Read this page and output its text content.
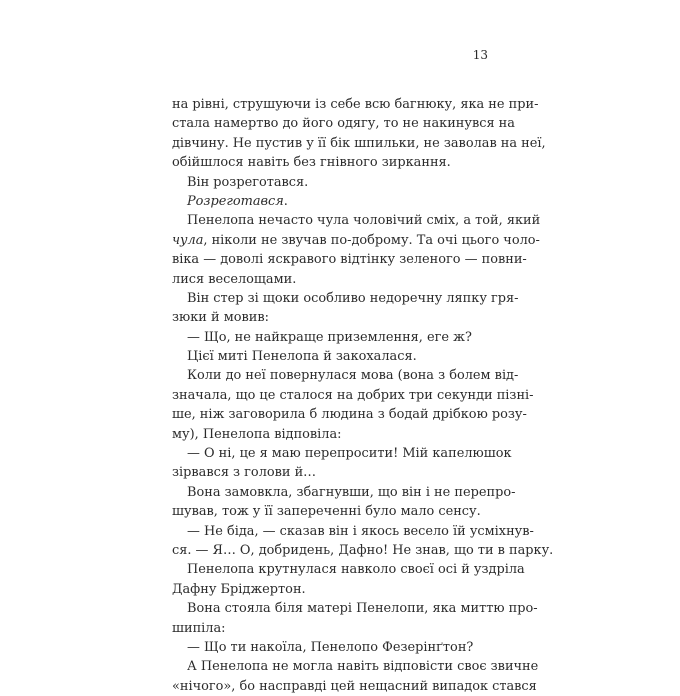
13
на рівні, струшуючи із себе всю багнюку, яка не при-
стала намертво до його одягу, то не накинувся на
дівчину. Не пустив у її бік шпильки, не заволав на неї,
обійшлося навіть без гнівного зиркання.
Він розреготався.
Розреготався.
Пенелопа нечасто чула чоловічий сміх, а той, який
чула, ніколи не звучав по-доброму. Та очі цього чоло-
віка — доволі яскравого відтінку зеленого — повни-
лися веселощами.
Він стер зі щоки особливо недоречну ляпку гря-
зюки й мовив:
— Що, не найкраще приземлення, еге ж?
Цієї миті Пенелопа й закохалася.
Коли до неї повернулася мова (вона з болем від-
значала, що це сталося на добрих три секунди пізні-
ше, ніж заговорила б людина з бодай дрібкою розу-
му), Пенелопа відповіла:
— О ні, це я маю перепросити! Мій капелюшок
зірвався з голови й…
Вона замовкла, збагнувши, що він і не перепро-
шував, тож у її запереченні було мало сенсу.
— Не біда, — сказав він і якось весело їй усміхнув-
ся. — Я… О, добридень, Дафно! Не знав, що ти в парку.
Пенелопа крутнулася навколо своєї осі й уздріла
Дафну Бріджертон.
Вона стояла біля матері Пенелопи, яка миттю про-
шипіла:
— Що ти накоїла, Пенелопо Фезерінґтон?
А Пенелопа не могла навіть відповісти своє звичне
«нічого», бо насправді цей нещасний випадок стався
